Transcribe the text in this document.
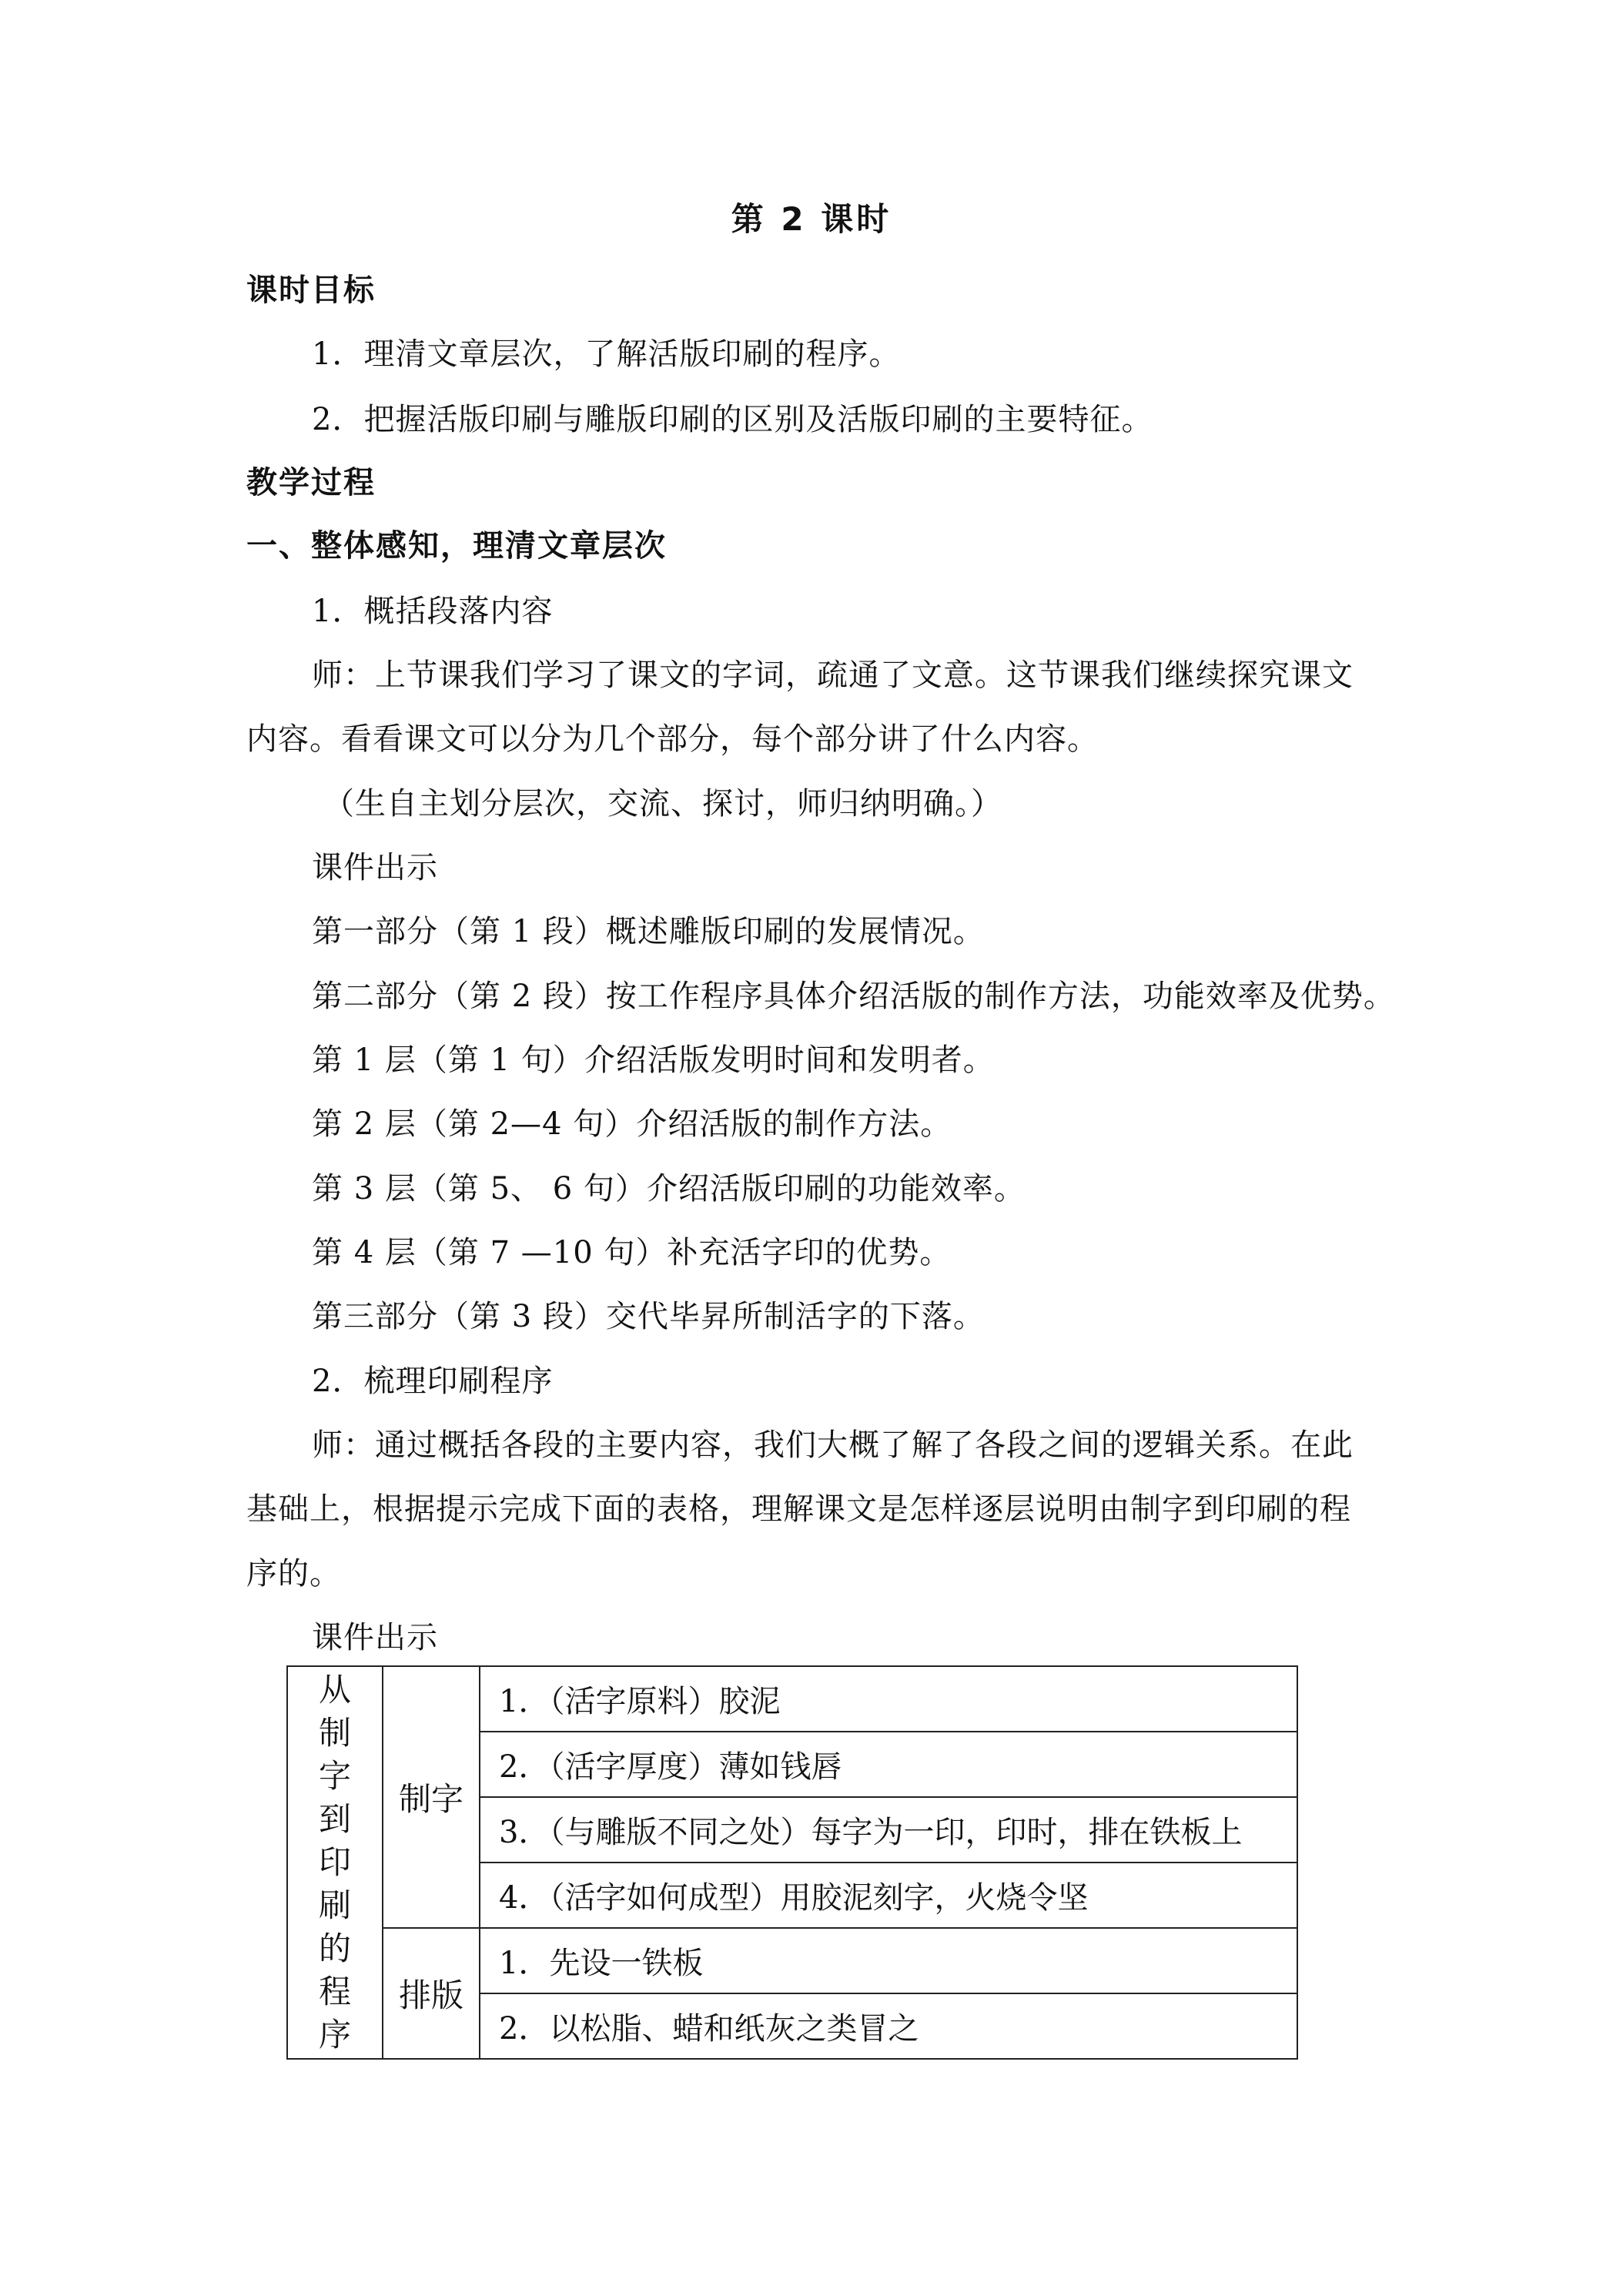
第 2 课时
课时目标
1．理清文章层次，了解活版印刷的程序。
2．把握活版印刷与雕版印刷的区别及活版印刷的主要特征。
教学过程
一、整体感知，理清文章层次
1．概括段落内容
师：上节课我们学习了课文的字词，疏通了文意。这节课我们继续探究课文
内容。看看课文可以分为几个部分，每个部分讲了什么内容。
（生自主划分层次，交流、探讨，师归纳明确。）
课件出示
第一部分（第 1 段）概述雕版印刷的发展情况。
第二部分（第 2 段）按工作程序具体介绍活版的制作方法，功能效率及优势。
第 1 层（第 1 句）介绍活版发明时间和发明者。
第 2 层（第 2—4 句）介绍活版的制作方法。
第 3 层（第 5、 6 句）介绍活版印刷的功能效率。
第 4 层（第 7 —10 句）补充活字印的优势。
第三部分（第 3 段）交代毕昇所制活字的下落。
2．梳理印刷程序
师：通过概括各段的主要内容，我们大概了解了各段之间的逻辑关系。在此
基础上，根据提示完成下面的表格，理解课文是怎样逐层说明由制字到印刷的程
序的。
课件出示
从制字到印刷的程序	制字	1．（活字原料）胶泥
		2．（活字厚度）薄如钱唇
		3．（与雕版不同之处）每字为一印，印时，排在铁板上
		4．（活字如何成型）用胶泥刻字，火烧令坚
	排版	1．先设一铁板
		2．以松脂、蜡和纸灰之类冒之
